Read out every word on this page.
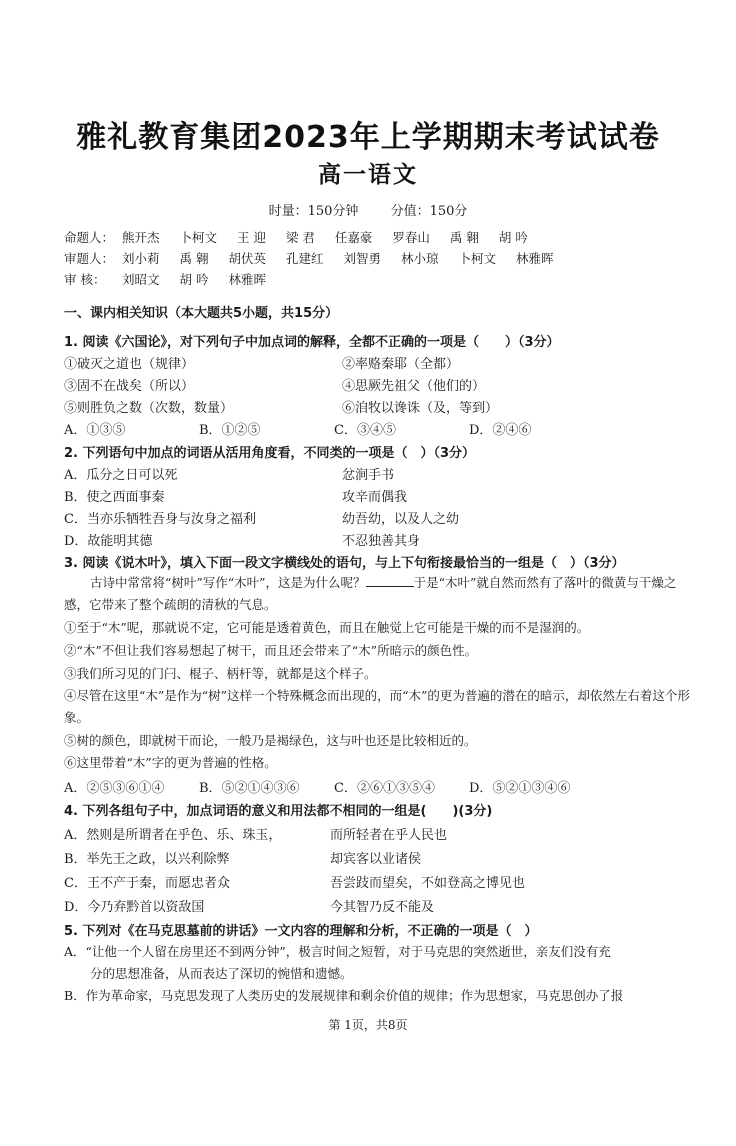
雅礼教育集团2023年上学期期末考试试卷
高一语文
时量：150分钟 分值：150分
命题人： 熊开杰 卜柯文 王 迎 梁 君 任嘉豪 罗春山 禹 翱 胡 吟
审题人： 刘小莉 禹 翱 胡伏英 孔建红 刘智勇 林小琼 卜柯文 林雅晖
审 核： 刘昭文 胡 吟 林雅晖
一、课内相关知识（本大题共5小题，共15分）
1. 阅读《六国论》，对下列句子中加点词的解释，全都不正确的一项是（　　）（3分）
①破灭之道也（规律）	②率赂秦耶（全都）
③固不在战矣（所以）	④思厥先祖父（他们的）
⑤则胜负之数（次数，数量）	⑥洎牧以谗诛（及，等到）
A．①③⑤	B．①②⑤	C．③④⑤	D．②④⑥
2. 下列语句中加点的词语从活用角度看，不同类的一项是（　）（3分）
A．瓜分之日可以死	忿涧手书
B．使之西面事秦	攻辛而偶我
C．当亦乐牺牲吾身与汝身之福利	幼吾幼，以及人之幼
D．故能明其德	不忍独善其身
3. 阅读《说木叶》，填入下面一段文字横线处的语句，与上下句衔接最恰当的一组是（　）（3分）
古诗中常常将“树叶”写作“木叶”，这是为什么呢？	于是“木叶”就自然而然有了落叶的微黄与干燥之感，它带来了整个疏朗的清秋的气息。
①至于“木”呢，那就说不定，它可能是透着黄色，而且在触觉上它可能是干燥的而不是湿润的。
②“木”不但让我们容易想起了树干，而且还会带来了“木”所暗示的颜色性。
③我们所习见的门闩、棍子、柄杆等，就都是这个样子。
④尽管在这里“木”是作为“树”这样一个特殊概念而出现的，而“木”的更为普遍的潜在的暗示，却依然左右着这个形象。
⑤树的颜色，即就树干而论，一般乃是褐绿色，这与叶也还是比较相近的。
⑥这里带着“木”字的更为普遍的性格。
A．②⑤③⑥①④	B．⑤②①④③⑥	C．②⑥①③⑤④	D．⑤②①③④⑥
4. 下列各组句子中，加点词语的意义和用法都不相同的一组是(　　)(3分)
A．然则是所谓者在乎色、乐、珠玉，	而所轻者在乎人民也
B．举先王之政，以兴利除弊	却宾客以业诸侯
C．王不产于秦，而愿忠者众	吾尝跂而望矣，不如登高之博见也
D．今乃弃黔首以资敌国	今其智乃反不能及
5. 下列对《在马克思墓前的讲话》一文内容的理解和分析，不正确的一项是（　）
A．“让他一个人留在房里还不到两分钟”，极言时间之短暂，对于马克思的突然逝世，亲友们没有充
分的思想准备，从而表达了深切的惋惜和遗憾。
B．作为革命家，马克思发现了人类历史的发展规律和剩余价值的规律；作为思想家，马克思创办了报
第 1页，共8页
